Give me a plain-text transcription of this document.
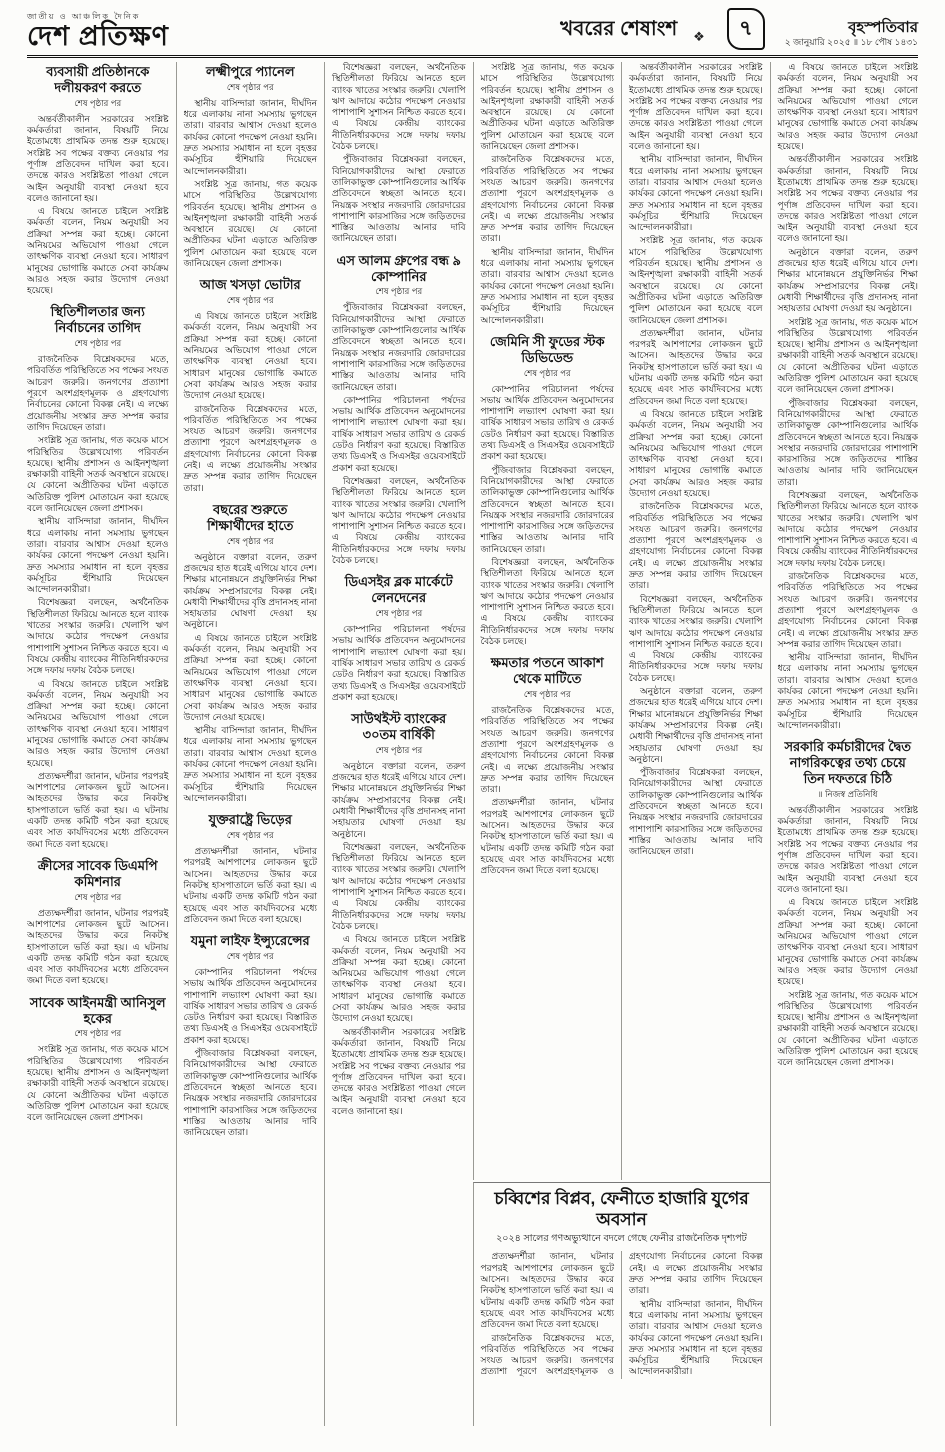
জাতীয় ও আঞ্চলিক দৈনিক
দেশ প্রতিক্ষণ	খবরের শেষাংশ ❖ ৭	বৃহস্পতিবার
২ জানুয়ারি ২০২৫ ॥ ১৮ পৌষ ১৪৩১
ব্যবসায়ী প্রতিষ্ঠানকে দলীয়করণ করতে
শেষ পৃষ্ঠার পর

অন্তর্বর্তীকালীন সরকারের সংশ্লিষ্ট কর্মকর্তারা জানান, বিষয়টি নিয়ে ইতোমধ্যে প্রাথমিক তদন্ত শুরু হয়েছে। সংশ্লিষ্ট সব পক্ষের বক্তব্য নেওয়ার পর পূর্ণাঙ্গ প্রতিবেদন দাখিল করা হবে। তদন্তে কারও সংশ্লিষ্টতা পাওয়া গেলে আইন অনুযায়ী ব্যবস্থা নেওয়া হবে বলেও জানানো হয়।

এ বিষয়ে জানতে চাইলে সংশ্লিষ্ট কর্মকর্তা বলেন, নিয়ম অনুযায়ী সব প্রক্রিয়া সম্পন্ন করা হচ্ছে। কোনো অনিয়মের অভিযোগ পাওয়া গেলে তাৎক্ষণিক ব্যবস্থা নেওয়া হবে। সাধারণ মানুষের ভোগান্তি কমাতে সেবা কার্যক্রম আরও সহজ করার উদ্যোগ নেওয়া হয়েছে।

স্থিতিশীলতার জন্য নির্বাচনের তাগিদ
শেষ পৃষ্ঠার পর

রাজনৈতিক বিশ্লেষকদের মতে, পরিবর্তিত পরিস্থিতিতে সব পক্ষের সংযত আচরণ জরুরি। জনগণের প্রত্যাশা পূরণে অংশগ্রহণমূলক ও গ্রহণযোগ্য নির্বাচনের কোনো বিকল্প নেই। এ লক্ষ্যে প্রয়োজনীয় সংস্কার দ্রুত সম্পন্ন করার তাগিদ দিয়েছেন তারা।

সংশ্লিষ্ট সূত্র জানায়, গত কয়েক মাসে পরিস্থিতির উল্লেখযোগ্য পরিবর্তন হয়েছে। স্থানীয় প্রশাসন ও আইনশৃঙ্খলা রক্ষাকারী বাহিনী সতর্ক অবস্থানে রয়েছে। যে কোনো অপ্রীতিকর ঘটনা এড়াতে অতিরিক্ত পুলিশ মোতায়েন করা হয়েছে বলে জানিয়েছেন জেলা প্রশাসক।

স্থানীয় বাসিন্দারা জানান, দীর্ঘদিন ধরে এলাকায় নানা সমস্যায় ভুগছেন তারা। বারবার আশ্বাস দেওয়া হলেও কার্যকর কোনো পদক্ষেপ নেওয়া হয়নি। দ্রুত সমস্যার সমাধান না হলে বৃহত্তর কর্মসূচির হুঁশিয়ারি দিয়েছেন আন্দোলনকারীরা।

বিশেষজ্ঞরা বলছেন, অর্থনৈতিক স্থিতিশীলতা ফিরিয়ে আনতে হলে ব্যাংক খাতের সংস্কার জরুরি। খেলাপি ঋণ আদায়ে কঠোর পদক্ষেপ নেওয়ার পাশাপাশি সুশাসন নিশ্চিত করতে হবে। এ বিষয়ে কেন্দ্রীয় ব্যাংকের নীতিনির্ধারকদের সঙ্গে দফায় দফায় বৈঠক চলছে।

এ বিষয়ে জানতে চাইলে সংশ্লিষ্ট কর্মকর্তা বলেন, নিয়ম অনুযায়ী সব প্রক্রিয়া সম্পন্ন করা হচ্ছে। কোনো অনিয়মের অভিযোগ পাওয়া গেলে তাৎক্ষণিক ব্যবস্থা নেওয়া হবে। সাধারণ মানুষের ভোগান্তি কমাতে সেবা কার্যক্রম আরও সহজ করার উদ্যোগ নেওয়া হয়েছে।

প্রত্যক্ষদর্শীরা জানান, ঘটনার পরপরই আশপাশের লোকজন ছুটে আসেন। আহতদের উদ্ধার করে নিকটস্থ হাসপাতালে ভর্তি করা হয়। এ ঘটনায় একটি তদন্ত কমিটি গঠন করা হয়েছে এবং সাত কার্যদিবসের মধ্যে প্রতিবেদন জমা দিতে বলা হয়েছে।

ক্রীসের সাবেক ডিএমপি কমিশনার
শেষ পৃষ্ঠার পর

প্রত্যক্ষদর্শীরা জানান, ঘটনার পরপরই আশপাশের লোকজন ছুটে আসেন। আহতদের উদ্ধার করে নিকটস্থ হাসপাতালে ভর্তি করা হয়। এ ঘটনায় একটি তদন্ত কমিটি গঠন করা হয়েছে এবং সাত কার্যদিবসের মধ্যে প্রতিবেদন জমা দিতে বলা হয়েছে।

সাবেক আইনমন্ত্রী আনিসুল হকের
শেষ পৃষ্ঠার পর

সংশ্লিষ্ট সূত্র জানায়, গত কয়েক মাসে পরিস্থিতির উল্লেখযোগ্য পরিবর্তন হয়েছে। স্থানীয় প্রশাসন ও আইনশৃঙ্খলা রক্ষাকারী বাহিনী সতর্ক অবস্থানে রয়েছে। যে কোনো অপ্রীতিকর ঘটনা এড়াতে অতিরিক্ত পুলিশ মোতায়েন করা হয়েছে বলে জানিয়েছেন জেলা প্রশাসক।

লক্ষ্মীপুরে প্যানেল
শেষ পৃষ্ঠার পর

স্থানীয় বাসিন্দারা জানান, দীর্ঘদিন ধরে এলাকায় নানা সমস্যায় ভুগছেন তারা। বারবার আশ্বাস দেওয়া হলেও কার্যকর কোনো পদক্ষেপ নেওয়া হয়নি। দ্রুত সমস্যার সমাধান না হলে বৃহত্তর কর্মসূচির হুঁশিয়ারি দিয়েছেন আন্দোলনকারীরা।

সংশ্লিষ্ট সূত্র জানায়, গত কয়েক মাসে পরিস্থিতির উল্লেখযোগ্য পরিবর্তন হয়েছে। স্থানীয় প্রশাসন ও আইনশৃঙ্খলা রক্ষাকারী বাহিনী সতর্ক অবস্থানে রয়েছে। যে কোনো অপ্রীতিকর ঘটনা এড়াতে অতিরিক্ত পুলিশ মোতায়েন করা হয়েছে বলে জানিয়েছেন জেলা প্রশাসক।

আজ খসড়া ভোটার
শেষ পৃষ্ঠার পর

এ বিষয়ে জানতে চাইলে সংশ্লিষ্ট কর্মকর্তা বলেন, নিয়ম অনুযায়ী সব প্রক্রিয়া সম্পন্ন করা হচ্ছে। কোনো অনিয়মের অভিযোগ পাওয়া গেলে তাৎক্ষণিক ব্যবস্থা নেওয়া হবে। সাধারণ মানুষের ভোগান্তি কমাতে সেবা কার্যক্রম আরও সহজ করার উদ্যোগ নেওয়া হয়েছে।

রাজনৈতিক বিশ্লেষকদের মতে, পরিবর্তিত পরিস্থিতিতে সব পক্ষের সংযত আচরণ জরুরি। জনগণের প্রত্যাশা পূরণে অংশগ্রহণমূলক ও গ্রহণযোগ্য নির্বাচনের কোনো বিকল্প নেই। এ লক্ষ্যে প্রয়োজনীয় সংস্কার দ্রুত সম্পন্ন করার তাগিদ দিয়েছেন তারা।

বছরের শুরুতে শিক্ষার্থীদের হাতে
শেষ পৃষ্ঠার পর

অনুষ্ঠানে বক্তারা বলেন, তরুণ প্রজন্মের হাত ধরেই এগিয়ে যাবে দেশ। শিক্ষার মানোন্নয়নে প্রযুক্তিনির্ভর শিক্ষা কার্যক্রম সম্প্রসারণের বিকল্প নেই। মেধাবী শিক্ষার্থীদের বৃত্তি প্রদানসহ নানা সহায়তার ঘোষণা দেওয়া হয় অনুষ্ঠানে।

এ বিষয়ে জানতে চাইলে সংশ্লিষ্ট কর্মকর্তা বলেন, নিয়ম অনুযায়ী সব প্রক্রিয়া সম্পন্ন করা হচ্ছে। কোনো অনিয়মের অভিযোগ পাওয়া গেলে তাৎক্ষণিক ব্যবস্থা নেওয়া হবে। সাধারণ মানুষের ভোগান্তি কমাতে সেবা কার্যক্রম আরও সহজ করার উদ্যোগ নেওয়া হয়েছে।

স্থানীয় বাসিন্দারা জানান, দীর্ঘদিন ধরে এলাকায় নানা সমস্যায় ভুগছেন তারা। বারবার আশ্বাস দেওয়া হলেও কার্যকর কোনো পদক্ষেপ নেওয়া হয়নি। দ্রুত সমস্যার সমাধান না হলে বৃহত্তর কর্মসূচির হুঁশিয়ারি দিয়েছেন আন্দোলনকারীরা।

যুক্তরাষ্ট্রে ভিড়ের
শেষ পৃষ্ঠার পর

প্রত্যক্ষদর্শীরা জানান, ঘটনার পরপরই আশপাশের লোকজন ছুটে আসেন। আহতদের উদ্ধার করে নিকটস্থ হাসপাতালে ভর্তি করা হয়। এ ঘটনায় একটি তদন্ত কমিটি গঠন করা হয়েছে এবং সাত কার্যদিবসের মধ্যে প্রতিবেদন জমা দিতে বলা হয়েছে।

যমুনা লাইফ ইন্স্যুরেন্সের
শেষ পৃষ্ঠার পর

কোম্পানির পরিচালনা পর্ষদের সভায় আর্থিক প্রতিবেদন অনুমোদনের পাশাপাশি লভ্যাংশ ঘোষণা করা হয়। বার্ষিক সাধারণ সভার তারিখ ও রেকর্ড ডেটও নির্ধারণ করা হয়েছে। বিস্তারিত তথ্য ডিএসই ও সিএসইর ওয়েবসাইটে প্রকাশ করা হয়েছে।

পুঁজিবাজার বিশ্লেষকরা বলছেন, বিনিয়োগকারীদের আস্থা ফেরাতে তালিকাভুক্ত কোম্পানিগুলোর আর্থিক প্রতিবেদনে স্বচ্ছতা আনতে হবে। নিয়ন্ত্রক সংস্থার নজরদারি জোরদারের পাশাপাশি কারসাজির সঙ্গে জড়িতদের শাস্তির আওতায় আনার দাবি জানিয়েছেন তারা।

বিশেষজ্ঞরা বলছেন, অর্থনৈতিক স্থিতিশীলতা ফিরিয়ে আনতে হলে ব্যাংক খাতের সংস্কার জরুরি। খেলাপি ঋণ আদায়ে কঠোর পদক্ষেপ নেওয়ার পাশাপাশি সুশাসন নিশ্চিত করতে হবে। এ বিষয়ে কেন্দ্রীয় ব্যাংকের নীতিনির্ধারকদের সঙ্গে দফায় দফায় বৈঠক চলছে।

পুঁজিবাজার বিশ্লেষকরা বলছেন, বিনিয়োগকারীদের আস্থা ফেরাতে তালিকাভুক্ত কোম্পানিগুলোর আর্থিক প্রতিবেদনে স্বচ্ছতা আনতে হবে। নিয়ন্ত্রক সংস্থার নজরদারি জোরদারের পাশাপাশি কারসাজির সঙ্গে জড়িতদের শাস্তির আওতায় আনার দাবি জানিয়েছেন তারা।

এস আলম গ্রুপের বন্ধ ৯ কোম্পানির
শেষ পৃষ্ঠার পর

পুঁজিবাজার বিশ্লেষকরা বলছেন, বিনিয়োগকারীদের আস্থা ফেরাতে তালিকাভুক্ত কোম্পানিগুলোর আর্থিক প্রতিবেদনে স্বচ্ছতা আনতে হবে। নিয়ন্ত্রক সংস্থার নজরদারি জোরদারের পাশাপাশি কারসাজির সঙ্গে জড়িতদের শাস্তির আওতায় আনার দাবি জানিয়েছেন তারা।

কোম্পানির পরিচালনা পর্ষদের সভায় আর্থিক প্রতিবেদন অনুমোদনের পাশাপাশি লভ্যাংশ ঘোষণা করা হয়। বার্ষিক সাধারণ সভার তারিখ ও রেকর্ড ডেটও নির্ধারণ করা হয়েছে। বিস্তারিত তথ্য ডিএসই ও সিএসইর ওয়েবসাইটে প্রকাশ করা হয়েছে।

বিশেষজ্ঞরা বলছেন, অর্থনৈতিক স্থিতিশীলতা ফিরিয়ে আনতে হলে ব্যাংক খাতের সংস্কার জরুরি। খেলাপি ঋণ আদায়ে কঠোর পদক্ষেপ নেওয়ার পাশাপাশি সুশাসন নিশ্চিত করতে হবে। এ বিষয়ে কেন্দ্রীয় ব্যাংকের নীতিনির্ধারকদের সঙ্গে দফায় দফায় বৈঠক চলছে।

ডিএসইর ব্লক মার্কেটে লেনদেনের
শেষ পৃষ্ঠার পর

কোম্পানির পরিচালনা পর্ষদের সভায় আর্থিক প্রতিবেদন অনুমোদনের পাশাপাশি লভ্যাংশ ঘোষণা করা হয়। বার্ষিক সাধারণ সভার তারিখ ও রেকর্ড ডেটও নির্ধারণ করা হয়েছে। বিস্তারিত তথ্য ডিএসই ও সিএসইর ওয়েবসাইটে প্রকাশ করা হয়েছে।

সাউথইস্ট ব্যাংকের ৩০তম বার্ষিকী
শেষ পৃষ্ঠার পর

অনুষ্ঠানে বক্তারা বলেন, তরুণ প্রজন্মের হাত ধরেই এগিয়ে যাবে দেশ। শিক্ষার মানোন্নয়নে প্রযুক্তিনির্ভর শিক্ষা কার্যক্রম সম্প্রসারণের বিকল্প নেই। মেধাবী শিক্ষার্থীদের বৃত্তি প্রদানসহ নানা সহায়তার ঘোষণা দেওয়া হয় অনুষ্ঠানে।

বিশেষজ্ঞরা বলছেন, অর্থনৈতিক স্থিতিশীলতা ফিরিয়ে আনতে হলে ব্যাংক খাতের সংস্কার জরুরি। খেলাপি ঋণ আদায়ে কঠোর পদক্ষেপ নেওয়ার পাশাপাশি সুশাসন নিশ্চিত করতে হবে। এ বিষয়ে কেন্দ্রীয় ব্যাংকের নীতিনির্ধারকদের সঙ্গে দফায় দফায় বৈঠক চলছে।

এ বিষয়ে জানতে চাইলে সংশ্লিষ্ট কর্মকর্তা বলেন, নিয়ম অনুযায়ী সব প্রক্রিয়া সম্পন্ন করা হচ্ছে। কোনো অনিয়মের অভিযোগ পাওয়া গেলে তাৎক্ষণিক ব্যবস্থা নেওয়া হবে। সাধারণ মানুষের ভোগান্তি কমাতে সেবা কার্যক্রম আরও সহজ করার উদ্যোগ নেওয়া হয়েছে।

অন্তর্বর্তীকালীন সরকারের সংশ্লিষ্ট কর্মকর্তারা জানান, বিষয়টি নিয়ে ইতোমধ্যে প্রাথমিক তদন্ত শুরু হয়েছে। সংশ্লিষ্ট সব পক্ষের বক্তব্য নেওয়ার পর পূর্ণাঙ্গ প্রতিবেদন দাখিল করা হবে। তদন্তে কারও সংশ্লিষ্টতা পাওয়া গেলে আইন অনুযায়ী ব্যবস্থা নেওয়া হবে বলেও জানানো হয়।

সংশ্লিষ্ট সূত্র জানায়, গত কয়েক মাসে পরিস্থিতির উল্লেখযোগ্য পরিবর্তন হয়েছে। স্থানীয় প্রশাসন ও আইনশৃঙ্খলা রক্ষাকারী বাহিনী সতর্ক অবস্থানে রয়েছে। যে কোনো অপ্রীতিকর ঘটনা এড়াতে অতিরিক্ত পুলিশ মোতায়েন করা হয়েছে বলে জানিয়েছেন জেলা প্রশাসক।

রাজনৈতিক বিশ্লেষকদের মতে, পরিবর্তিত পরিস্থিতিতে সব পক্ষের সংযত আচরণ জরুরি। জনগণের প্রত্যাশা পূরণে অংশগ্রহণমূলক ও গ্রহণযোগ্য নির্বাচনের কোনো বিকল্প নেই। এ লক্ষ্যে প্রয়োজনীয় সংস্কার দ্রুত সম্পন্ন করার তাগিদ দিয়েছেন তারা।

স্থানীয় বাসিন্দারা জানান, দীর্ঘদিন ধরে এলাকায় নানা সমস্যায় ভুগছেন তারা। বারবার আশ্বাস দেওয়া হলেও কার্যকর কোনো পদক্ষেপ নেওয়া হয়নি। দ্রুত সমস্যার সমাধান না হলে বৃহত্তর কর্মসূচির হুঁশিয়ারি দিয়েছেন আন্দোলনকারীরা।

জেমিনি সী ফুডের স্টক ডিভিডেন্ড
শেষ পৃষ্ঠার পর

কোম্পানির পরিচালনা পর্ষদের সভায় আর্থিক প্রতিবেদন অনুমোদনের পাশাপাশি লভ্যাংশ ঘোষণা করা হয়। বার্ষিক সাধারণ সভার তারিখ ও রেকর্ড ডেটও নির্ধারণ করা হয়েছে। বিস্তারিত তথ্য ডিএসই ও সিএসইর ওয়েবসাইটে প্রকাশ করা হয়েছে।

পুঁজিবাজার বিশ্লেষকরা বলছেন, বিনিয়োগকারীদের আস্থা ফেরাতে তালিকাভুক্ত কোম্পানিগুলোর আর্থিক প্রতিবেদনে স্বচ্ছতা আনতে হবে। নিয়ন্ত্রক সংস্থার নজরদারি জোরদারের পাশাপাশি কারসাজির সঙ্গে জড়িতদের শাস্তির আওতায় আনার দাবি জানিয়েছেন তারা।

বিশেষজ্ঞরা বলছেন, অর্থনৈতিক স্থিতিশীলতা ফিরিয়ে আনতে হলে ব্যাংক খাতের সংস্কার জরুরি। খেলাপি ঋণ আদায়ে কঠোর পদক্ষেপ নেওয়ার পাশাপাশি সুশাসন নিশ্চিত করতে হবে। এ বিষয়ে কেন্দ্রীয় ব্যাংকের নীতিনির্ধারকদের সঙ্গে দফায় দফায় বৈঠক চলছে।

ক্ষমতার পতনে আকাশ থেকে মাটিতে
শেষ পৃষ্ঠার পর

রাজনৈতিক বিশ্লেষকদের মতে, পরিবর্তিত পরিস্থিতিতে সব পক্ষের সংযত আচরণ জরুরি। জনগণের প্রত্যাশা পূরণে অংশগ্রহণমূলক ও গ্রহণযোগ্য নির্বাচনের কোনো বিকল্প নেই। এ লক্ষ্যে প্রয়োজনীয় সংস্কার দ্রুত সম্পন্ন করার তাগিদ দিয়েছেন তারা।

প্রত্যক্ষদর্শীরা জানান, ঘটনার পরপরই আশপাশের লোকজন ছুটে আসেন। আহতদের উদ্ধার করে নিকটস্থ হাসপাতালে ভর্তি করা হয়। এ ঘটনায় একটি তদন্ত কমিটি গঠন করা হয়েছে এবং সাত কার্যদিবসের মধ্যে প্রতিবেদন জমা দিতে বলা হয়েছে।

অন্তর্বর্তীকালীন সরকারের সংশ্লিষ্ট কর্মকর্তারা জানান, বিষয়টি নিয়ে ইতোমধ্যে প্রাথমিক তদন্ত শুরু হয়েছে। সংশ্লিষ্ট সব পক্ষের বক্তব্য নেওয়ার পর পূর্ণাঙ্গ প্রতিবেদন দাখিল করা হবে। তদন্তে কারও সংশ্লিষ্টতা পাওয়া গেলে আইন অনুযায়ী ব্যবস্থা নেওয়া হবে বলেও জানানো হয়।

স্থানীয় বাসিন্দারা জানান, দীর্ঘদিন ধরে এলাকায় নানা সমস্যায় ভুগছেন তারা। বারবার আশ্বাস দেওয়া হলেও কার্যকর কোনো পদক্ষেপ নেওয়া হয়নি। দ্রুত সমস্যার সমাধান না হলে বৃহত্তর কর্মসূচির হুঁশিয়ারি দিয়েছেন আন্দোলনকারীরা।

সংশ্লিষ্ট সূত্র জানায়, গত কয়েক মাসে পরিস্থিতির উল্লেখযোগ্য পরিবর্তন হয়েছে। স্থানীয় প্রশাসন ও আইনশৃঙ্খলা রক্ষাকারী বাহিনী সতর্ক অবস্থানে রয়েছে। যে কোনো অপ্রীতিকর ঘটনা এড়াতে অতিরিক্ত পুলিশ মোতায়েন করা হয়েছে বলে জানিয়েছেন জেলা প্রশাসক।

প্রত্যক্ষদর্শীরা জানান, ঘটনার পরপরই আশপাশের লোকজন ছুটে আসেন। আহতদের উদ্ধার করে নিকটস্থ হাসপাতালে ভর্তি করা হয়। এ ঘটনায় একটি তদন্ত কমিটি গঠন করা হয়েছে এবং সাত কার্যদিবসের মধ্যে প্রতিবেদন জমা দিতে বলা হয়েছে।

এ বিষয়ে জানতে চাইলে সংশ্লিষ্ট কর্মকর্তা বলেন, নিয়ম অনুযায়ী সব প্রক্রিয়া সম্পন্ন করা হচ্ছে। কোনো অনিয়মের অভিযোগ পাওয়া গেলে তাৎক্ষণিক ব্যবস্থা নেওয়া হবে। সাধারণ মানুষের ভোগান্তি কমাতে সেবা কার্যক্রম আরও সহজ করার উদ্যোগ নেওয়া হয়েছে।

রাজনৈতিক বিশ্লেষকদের মতে, পরিবর্তিত পরিস্থিতিতে সব পক্ষের সংযত আচরণ জরুরি। জনগণের প্রত্যাশা পূরণে অংশগ্রহণমূলক ও গ্রহণযোগ্য নির্বাচনের কোনো বিকল্প নেই। এ লক্ষ্যে প্রয়োজনীয় সংস্কার দ্রুত সম্পন্ন করার তাগিদ দিয়েছেন তারা।

বিশেষজ্ঞরা বলছেন, অর্থনৈতিক স্থিতিশীলতা ফিরিয়ে আনতে হলে ব্যাংক খাতের সংস্কার জরুরি। খেলাপি ঋণ আদায়ে কঠোর পদক্ষেপ নেওয়ার পাশাপাশি সুশাসন নিশ্চিত করতে হবে। এ বিষয়ে কেন্দ্রীয় ব্যাংকের নীতিনির্ধারকদের সঙ্গে দফায় দফায় বৈঠক চলছে।

অনুষ্ঠানে বক্তারা বলেন, তরুণ প্রজন্মের হাত ধরেই এগিয়ে যাবে দেশ। শিক্ষার মানোন্নয়নে প্রযুক্তিনির্ভর শিক্ষা কার্যক্রম সম্প্রসারণের বিকল্প নেই। মেধাবী শিক্ষার্থীদের বৃত্তি প্রদানসহ নানা সহায়তার ঘোষণা দেওয়া হয় অনুষ্ঠানে।

পুঁজিবাজার বিশ্লেষকরা বলছেন, বিনিয়োগকারীদের আস্থা ফেরাতে তালিকাভুক্ত কোম্পানিগুলোর আর্থিক প্রতিবেদনে স্বচ্ছতা আনতে হবে। নিয়ন্ত্রক সংস্থার নজরদারি জোরদারের পাশাপাশি কারসাজির সঙ্গে জড়িতদের শাস্তির আওতায় আনার দাবি জানিয়েছেন তারা।

এ বিষয়ে জানতে চাইলে সংশ্লিষ্ট কর্মকর্তা বলেন, নিয়ম অনুযায়ী সব প্রক্রিয়া সম্পন্ন করা হচ্ছে। কোনো অনিয়মের অভিযোগ পাওয়া গেলে তাৎক্ষণিক ব্যবস্থা নেওয়া হবে। সাধারণ মানুষের ভোগান্তি কমাতে সেবা কার্যক্রম আরও সহজ করার উদ্যোগ নেওয়া হয়েছে।

অন্তর্বর্তীকালীন সরকারের সংশ্লিষ্ট কর্মকর্তারা জানান, বিষয়টি নিয়ে ইতোমধ্যে প্রাথমিক তদন্ত শুরু হয়েছে। সংশ্লিষ্ট সব পক্ষের বক্তব্য নেওয়ার পর পূর্ণাঙ্গ প্রতিবেদন দাখিল করা হবে। তদন্তে কারও সংশ্লিষ্টতা পাওয়া গেলে আইন অনুযায়ী ব্যবস্থা নেওয়া হবে বলেও জানানো হয়।

অনুষ্ঠানে বক্তারা বলেন, তরুণ প্রজন্মের হাত ধরেই এগিয়ে যাবে দেশ। শিক্ষার মানোন্নয়নে প্রযুক্তিনির্ভর শিক্ষা কার্যক্রম সম্প্রসারণের বিকল্প নেই। মেধাবী শিক্ষার্থীদের বৃত্তি প্রদানসহ নানা সহায়তার ঘোষণা দেওয়া হয় অনুষ্ঠানে।

সংশ্লিষ্ট সূত্র জানায়, গত কয়েক মাসে পরিস্থিতির উল্লেখযোগ্য পরিবর্তন হয়েছে। স্থানীয় প্রশাসন ও আইনশৃঙ্খলা রক্ষাকারী বাহিনী সতর্ক অবস্থানে রয়েছে। যে কোনো অপ্রীতিকর ঘটনা এড়াতে অতিরিক্ত পুলিশ মোতায়েন করা হয়েছে বলে জানিয়েছেন জেলা প্রশাসক।

পুঁজিবাজার বিশ্লেষকরা বলছেন, বিনিয়োগকারীদের আস্থা ফেরাতে তালিকাভুক্ত কোম্পানিগুলোর আর্থিক প্রতিবেদনে স্বচ্ছতা আনতে হবে। নিয়ন্ত্রক সংস্থার নজরদারি জোরদারের পাশাপাশি কারসাজির সঙ্গে জড়িতদের শাস্তির আওতায় আনার দাবি জানিয়েছেন তারা।

বিশেষজ্ঞরা বলছেন, অর্থনৈতিক স্থিতিশীলতা ফিরিয়ে আনতে হলে ব্যাংক খাতের সংস্কার জরুরি। খেলাপি ঋণ আদায়ে কঠোর পদক্ষেপ নেওয়ার পাশাপাশি সুশাসন নিশ্চিত করতে হবে। এ বিষয়ে কেন্দ্রীয় ব্যাংকের নীতিনির্ধারকদের সঙ্গে দফায় দফায় বৈঠক চলছে।

রাজনৈতিক বিশ্লেষকদের মতে, পরিবর্তিত পরিস্থিতিতে সব পক্ষের সংযত আচরণ জরুরি। জনগণের প্রত্যাশা পূরণে অংশগ্রহণমূলক ও গ্রহণযোগ্য নির্বাচনের কোনো বিকল্প নেই। এ লক্ষ্যে প্রয়োজনীয় সংস্কার দ্রুত সম্পন্ন করার তাগিদ দিয়েছেন তারা।

স্থানীয় বাসিন্দারা জানান, দীর্ঘদিন ধরে এলাকায় নানা সমস্যায় ভুগছেন তারা। বারবার আশ্বাস দেওয়া হলেও কার্যকর কোনো পদক্ষেপ নেওয়া হয়নি। দ্রুত সমস্যার সমাধান না হলে বৃহত্তর কর্মসূচির হুঁশিয়ারি দিয়েছেন আন্দোলনকারীরা।

সরকারি কর্মচারীদের দ্বৈত নাগরিকত্বের তথ্য চেয়ে তিন দফতরে চিঠি
॥ নিজস্ব প্রতিনিধি

অন্তর্বর্তীকালীন সরকারের সংশ্লিষ্ট কর্মকর্তারা জানান, বিষয়টি নিয়ে ইতোমধ্যে প্রাথমিক তদন্ত শুরু হয়েছে। সংশ্লিষ্ট সব পক্ষের বক্তব্য নেওয়ার পর পূর্ণাঙ্গ প্রতিবেদন দাখিল করা হবে। তদন্তে কারও সংশ্লিষ্টতা পাওয়া গেলে আইন অনুযায়ী ব্যবস্থা নেওয়া হবে বলেও জানানো হয়।

এ বিষয়ে জানতে চাইলে সংশ্লিষ্ট কর্মকর্তা বলেন, নিয়ম অনুযায়ী সব প্রক্রিয়া সম্পন্ন করা হচ্ছে। কোনো অনিয়মের অভিযোগ পাওয়া গেলে তাৎক্ষণিক ব্যবস্থা নেওয়া হবে। সাধারণ মানুষের ভোগান্তি কমাতে সেবা কার্যক্রম আরও সহজ করার উদ্যোগ নেওয়া হয়েছে।

সংশ্লিষ্ট সূত্র জানায়, গত কয়েক মাসে পরিস্থিতির উল্লেখযোগ্য পরিবর্তন হয়েছে। স্থানীয় প্রশাসন ও আইনশৃঙ্খলা রক্ষাকারী বাহিনী সতর্ক অবস্থানে রয়েছে। যে কোনো অপ্রীতিকর ঘটনা এড়াতে অতিরিক্ত পুলিশ মোতায়েন করা হয়েছে বলে জানিয়েছেন জেলা প্রশাসক।

চব্বিশের বিপ্লব, ফেনীতে হাজারি যুগের অবসান
২০২৪ সালের গণঅভ্যুত্থানে বদলে গেছে ফেনীর রাজনৈতিক দৃশ্যপট

প্রত্যক্ষদর্শীরা জানান, ঘটনার পরপরই আশপাশের লোকজন ছুটে আসেন। আহতদের উদ্ধার করে নিকটস্থ হাসপাতালে ভর্তি করা হয়। এ ঘটনায় একটি তদন্ত কমিটি গঠন করা হয়েছে এবং সাত কার্যদিবসের মধ্যে প্রতিবেদন জমা দিতে বলা হয়েছে।

রাজনৈতিক বিশ্লেষকদের মতে, পরিবর্তিত পরিস্থিতিতে সব পক্ষের সংযত আচরণ জরুরি। জনগণের প্রত্যাশা পূরণে অংশগ্রহণমূলক ও গ্রহণযোগ্য নির্বাচনের কোনো বিকল্প নেই। এ লক্ষ্যে প্রয়োজনীয় সংস্কার দ্রুত সম্পন্ন করার তাগিদ দিয়েছেন তারা।

স্থানীয় বাসিন্দারা জানান, দীর্ঘদিন ধরে এলাকায় নানা সমস্যায় ভুগছেন তারা। বারবার আশ্বাস দেওয়া হলেও কার্যকর কোনো পদক্ষেপ নেওয়া হয়নি। দ্রুত সমস্যার সমাধান না হলে বৃহত্তর কর্মসূচির হুঁশিয়ারি দিয়েছেন আন্দোলনকারীরা।
